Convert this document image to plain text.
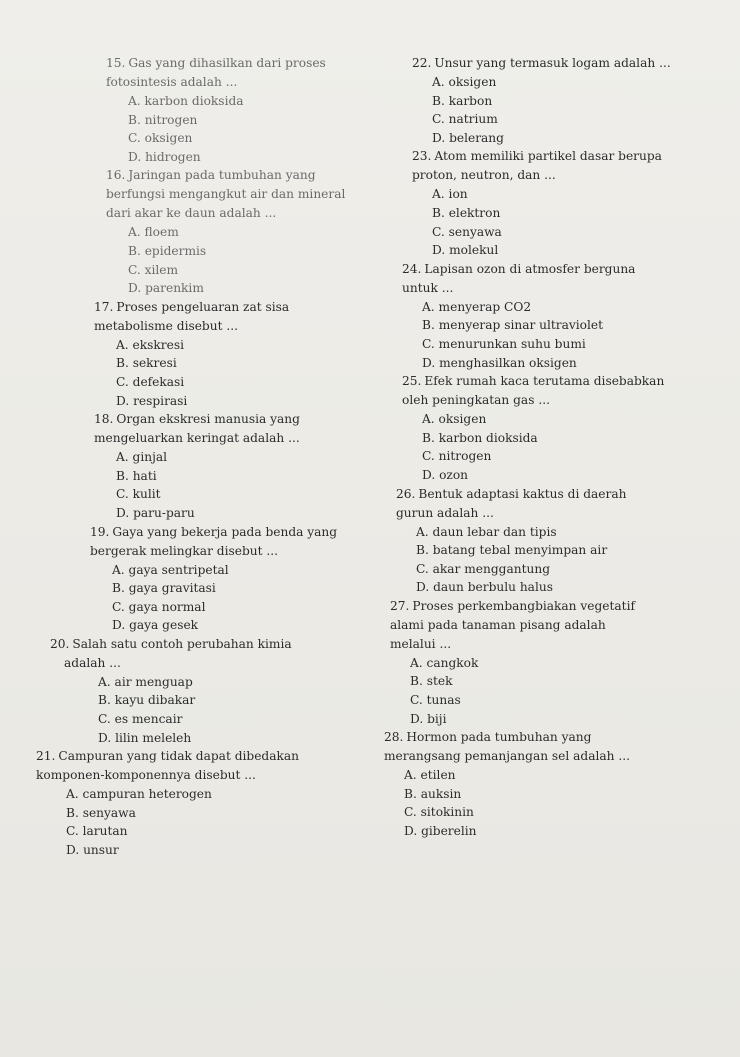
15. Gas yang dihasilkan dari proses
fotosintesis adalah ...

A. karbon dioksida
B. nitrogen
C. oksigen
D. hidrogen

16. Jaringan pada tumbuhan yang
berfungsi mengangkut air dan mineral
dari akar ke daun adalah ...

A. floem
B. epidermis
C. xilem
D. parenkim

17. Proses pengeluaran zat sisa
metabolisme disebut ...

A. ekskresi
B. sekresi
C. defekasi
D. respirasi

18. Organ ekskresi manusia yang
mengeluarkan keringat adalah ...

A. ginjal
B. hati
C. kulit
D. paru-paru

19. Gaya yang bekerja pada benda yang
bergerak melingkar disebut ...

A. gaya sentripetal
B. gaya gravitasi
C. gaya normal
D. gaya gesek

20. Salah satu contoh perubahan kimia
adalah ...

A. air menguap
B. kayu dibakar
C. es mencair
D. lilin meleleh

21. Campuran yang tidak dapat dibedakan
komponen-komponennya disebut ...

A. campuran heterogen
B. senyawa
C. larutan
D. unsur

22. Unsur yang termasuk logam adalah ...

A. oksigen
B. karbon
C. natrium
D. belerang

23. Atom memiliki partikel dasar berupa
proton, neutron, dan ...

A. ion
B. elektron
C. senyawa
D. molekul

24. Lapisan ozon di atmosfer berguna
untuk ...

A. menyerap CO2
B. menyerap sinar ultraviolet
C. menurunkan suhu bumi
D. menghasilkan oksigen

25. Efek rumah kaca terutama disebabkan
oleh peningkatan gas ...

A. oksigen
B. karbon dioksida
C. nitrogen
D. ozon

26. Bentuk adaptasi kaktus di daerah
gurun adalah ...

A. daun lebar dan tipis
B. batang tebal menyimpan air
C. akar menggantung
D. daun berbulu halus

27. Proses perkembangbiakan vegetatif
alami pada tanaman pisang adalah
melalui ...

A. cangkok
B. stek
C. tunas
D. biji

28. Hormon pada tumbuhan yang
merangsang pemanjangan sel adalah ...

A. etilen
B. auksin
C. sitokinin
D. giberelin
